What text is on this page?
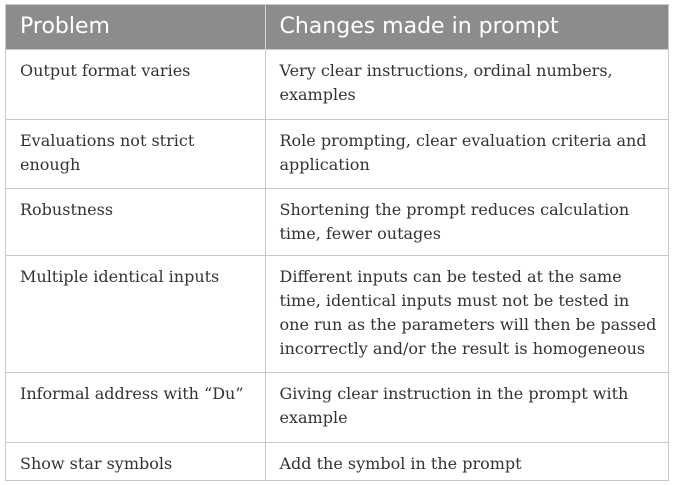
Problem	Changes made in prompt
Output format varies	Very clear instructions, ordinal numbers, examples
Evaluations not strict enough	Role prompting, clear evaluation criteria and application
Robustness	Shortening the prompt reduces calculation time, fewer outages
Multiple identical inputs	Different inputs can be tested at the same time, identical inputs must not be tested in one run as the parameters will then be passed incorrectly and/or the result is homogeneous
Informal address with “Du”	Giving clear instruction in the prompt with example
Show star symbols	Add the symbol in the prompt
